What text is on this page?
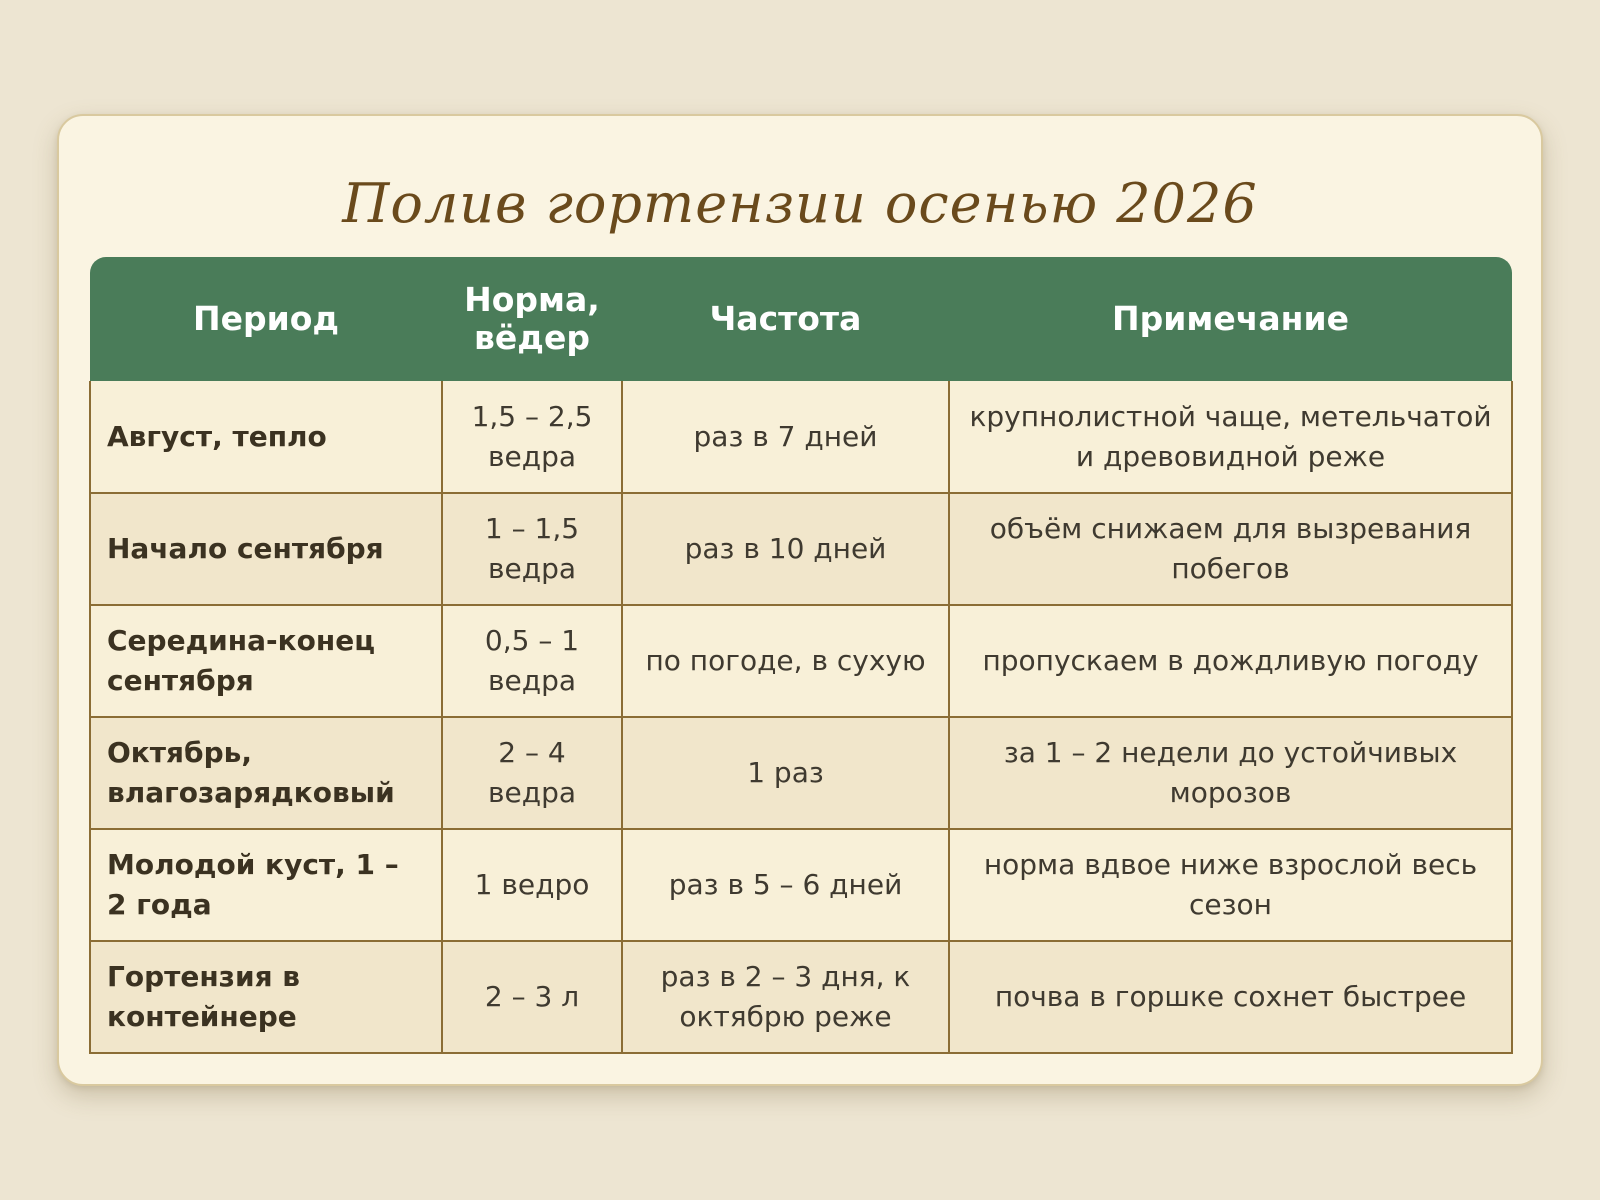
Полив гортензии осенью 2026
Период	Норма, вёдер	Частота	Примечание
Август, тепло	1,5 – 2,5 ведра	раз в 7 дней	крупнолистной чаще, метельчатой и древовидной реже
Начало сентября	1 – 1,5 ведра	раз в 10 дней	объём снижаем для вызревания побегов
Середина-конец сентября	0,5 – 1 ведра	по погоде, в сухую	пропускаем в дождливую погоду
Октябрь, влагозарядковый	2 – 4 ведра	1 раз	за 1 – 2 недели до устойчивых морозов
Молодой куст, 1 – 2 года	1 ведро	раз в 5 – 6 дней	норма вдвое ниже взрослой весь сезон
Гортензия в контейнере	2 – 3 л	раз в 2 – 3 дня, к октябрю реже	почва в горшке сохнет быстрее
